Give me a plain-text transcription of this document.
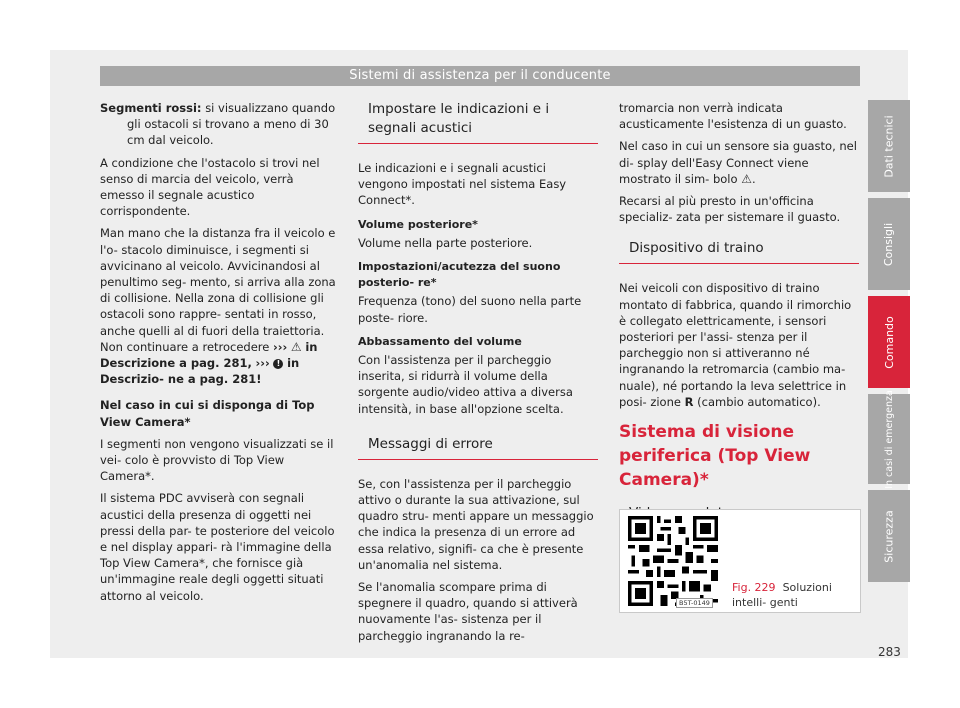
Sistemi di assistenza per il conducente

Segmenti rossi: si visualizzano quando gli ostacoli si trovano a meno di 30 cm dal veicolo.

A condizione che l'ostacolo si trovi nel senso di marcia del veicolo, verrà emesso il segnale acustico corrispondente.

Man mano che la distanza fra il veicolo e l'o- stacolo diminuisce, i segmenti si avvicinano al veicolo. Avvicinandosi al penultimo seg- mento, si arriva alla zona di collisione. Nella zona di collisione gli ostacoli sono rappre- sentati in rosso, anche quelli al di fuori della traiettoria. Non continuare a retrocedere ››› ⚠ in Descrizione a pag. 281, ››› ! in Descrizio- ne a pag. 281!

Nel caso in cui si disponga di Top View Camera*

I segmenti non vengono visualizzati se il vei- colo è provvisto di Top View Camera*.

Il sistema PDC avviserà con segnali acustici della presenza di oggetti nei pressi della par- te posteriore del veicolo e nel display appari- rà l'immagine della Top View Camera*, che fornisce già un'immagine reale degli oggetti situati attorno al veicolo.

Impostare le indicazioni e i segnali acustici

Le indicazioni e i segnali acustici vengono impostati nel sistema Easy Connect*.

Volume posteriore*

Volume nella parte posteriore.

Impostazioni/acutezza del suono posterio- re*

Frequenza (tono) del suono nella parte poste- riore.

Abbassamento del volume

Con l'assistenza per il parcheggio inserita, si ridurrà il volume della sorgente audio/video attiva a diversa intensità, in base all'opzione scelta.

Messaggi di errore

Se, con l'assistenza per il parcheggio attivo o durante la sua attivazione, sul quadro stru- menti appare un messaggio che indica la presenza di un errore ad essa relativo, signifi- ca che è presente un'anomalia nel sistema.

Se l'anomalia scompare prima di spegnere il quadro, quando si attiverà nuovamente l'as- sistenza per il parcheggio ingranando la re-

tromarcia non verrà indicata acusticamente l'esistenza di un guasto.

Nel caso in cui un sensore sia guasto, nel di- splay dell'Easy Connect viene mostrato il sim- bolo ⚠.

Recarsi al più presto in un'officina specializ- zata per sistemare il guasto.

Dispositivo di traino

Nei veicoli con dispositivo di traino montato di fabbrica, quando il rimorchio è collegato elettricamente, i sensori posteriori per l'assi- stenza per il parcheggio non si attiveranno né ingranando la retromarcia (cambio ma- nuale), né portando la leva selettrice in posi- zione R (cambio automatico).

Sistema di visione periferica (Top View Camera)*
B5T-0149
Fig. 229 Soluzioni intelli- genti
Dati tecnici
Consigli
Comando
In casi di emergenza
Sicurezza
283
